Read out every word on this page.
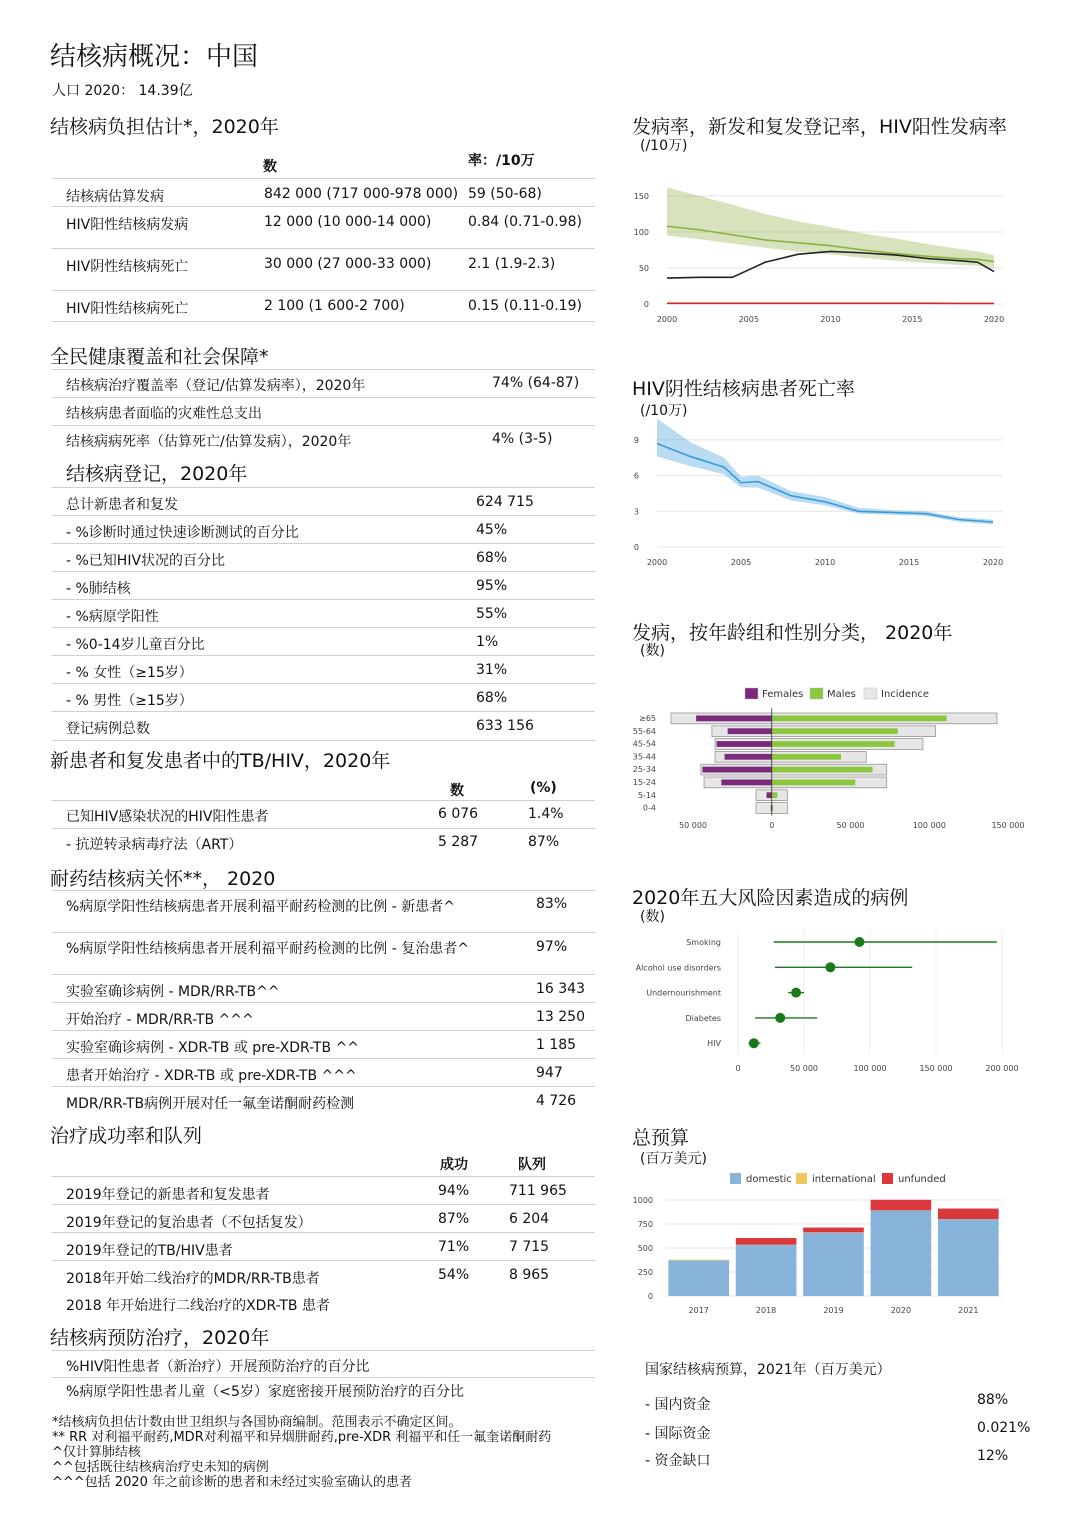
结核病概况：中国
人口 2020： 14.39亿
结核病负担估计*，2020年
数	率：/10万
结核病估算发病	842 000 (717 000-978 000) 59 (50-68)
HIV阳性结核病发病	12 000 (10 000-14 000)	0.84 (0.71-0.98)
HIV阴性结核病死亡	30 000 (27 000-33 000)	2.1 (1.9-2.3)
HIV阳性结核病死亡	2 100 (1 600-2 700)	0.15 (0.11-0.19)
全民健康覆盖和社会保障*
结核病治疗覆盖率（登记/估算发病率），2020年	74% (64-87)
结核病患者面临的灾难性总支出
结核病病死率（估算死亡/估算发病），2020年	4% (3-5)
结核病登记，2020年
总计新患者和复发	624 715
- %诊断时通过快速诊断测试的百分比	45%
- %已知HIV状况的百分比	68%
- %肺结核	95%
- %病原学阳性	55%
- %0-14岁儿童百分比	1%
- % 女性（≥15岁）	31%
- % 男性（≥15岁）	68%
登记病例总数	633 156
新患者和复发患者中的TB/HIV，2020年
数	(%)
已知HIV感染状况的HIV阳性患者	6 076	1.4%
- 抗逆转录病毒疗法（ART）	5 287	87%
耐药结核病关怀**， 2020
%病原学阳性结核病患者开展利福平耐药检测的比例 - 新患者^	83%
%病原学阳性结核病患者开展利福平耐药检测的比例 - 复治患者^	97%
实验室确诊病例 - MDR/RR-TB^^	16 343
开始治疗 - MDR/RR-TB ^^^	13 250
实验室确诊病例 - XDR-TB 或 pre-XDR-TB ^^	1 185
患者开始治疗 - XDR-TB 或 pre-XDR-TB ^^^	947
MDR/RR-TB病例开展对任一氟奎诺酮耐药检测	4 726
治疗成功率和队列
成功	队列
2019年登记的新患者和复发患者	94%	711 965
2019年登记的复治患者（不包括复发）	87%	6 204
2019年登记的TB/HIV患者	71%	7 715
2018年开始二线治疗的MDR/RR-TB患者	54%	8 965
2018 年开始进行二线治疗的XDR-TB 患者
结核病预防治疗，2020年
%HIV阳性患者（新治疗）开展预防治疗的百分比
%病原学阳性患者儿童（<5岁）家庭密接开展预防治疗的百分比
*结核病负担估计数由世卫组织与各国协商编制。范围表示不确定区间。
** RR 对利福平耐药,MDR对利福平和异烟肼耐药,pre-XDR 利福平和任一氟奎诺酮耐药
^仅计算肺结核
^^包括既往结核病治疗史未知的病例
^^^包括 2020 年之前诊断的患者和未经过实验室确认的患者
发病率，新发和复发登记率，HIV阳性发病率
(/10万)
0
50
100
150
2000	2005	2010	2015	2020
HIV阴性结核病患者死亡率
(/10万)
0
3
6
9
2000	2005	2010	2015	2020
发病，按年龄组和性别分类， 2020年
(数)
Females Males	Incidence
0-4
5-14
15-24
25-34
35-44
45-54
55-64
≥65
50 000	0	50 000	100 000	150 000
2020年五大风险因素造成的病例
(数)
0	50 000	100 000	150 000	200 000
Smoking
Alcohol use disorders
Undernourishment
Diabetes
HIV
总预算
(百万美元)
domestic international unfunded
0
250
500
750
1000
2017	2018	2019	2020	2021
国家结核病预算，2021年（百万美元）
- 国内资金	88%
- 国际资金	0.021%
- 资金缺口	12%
